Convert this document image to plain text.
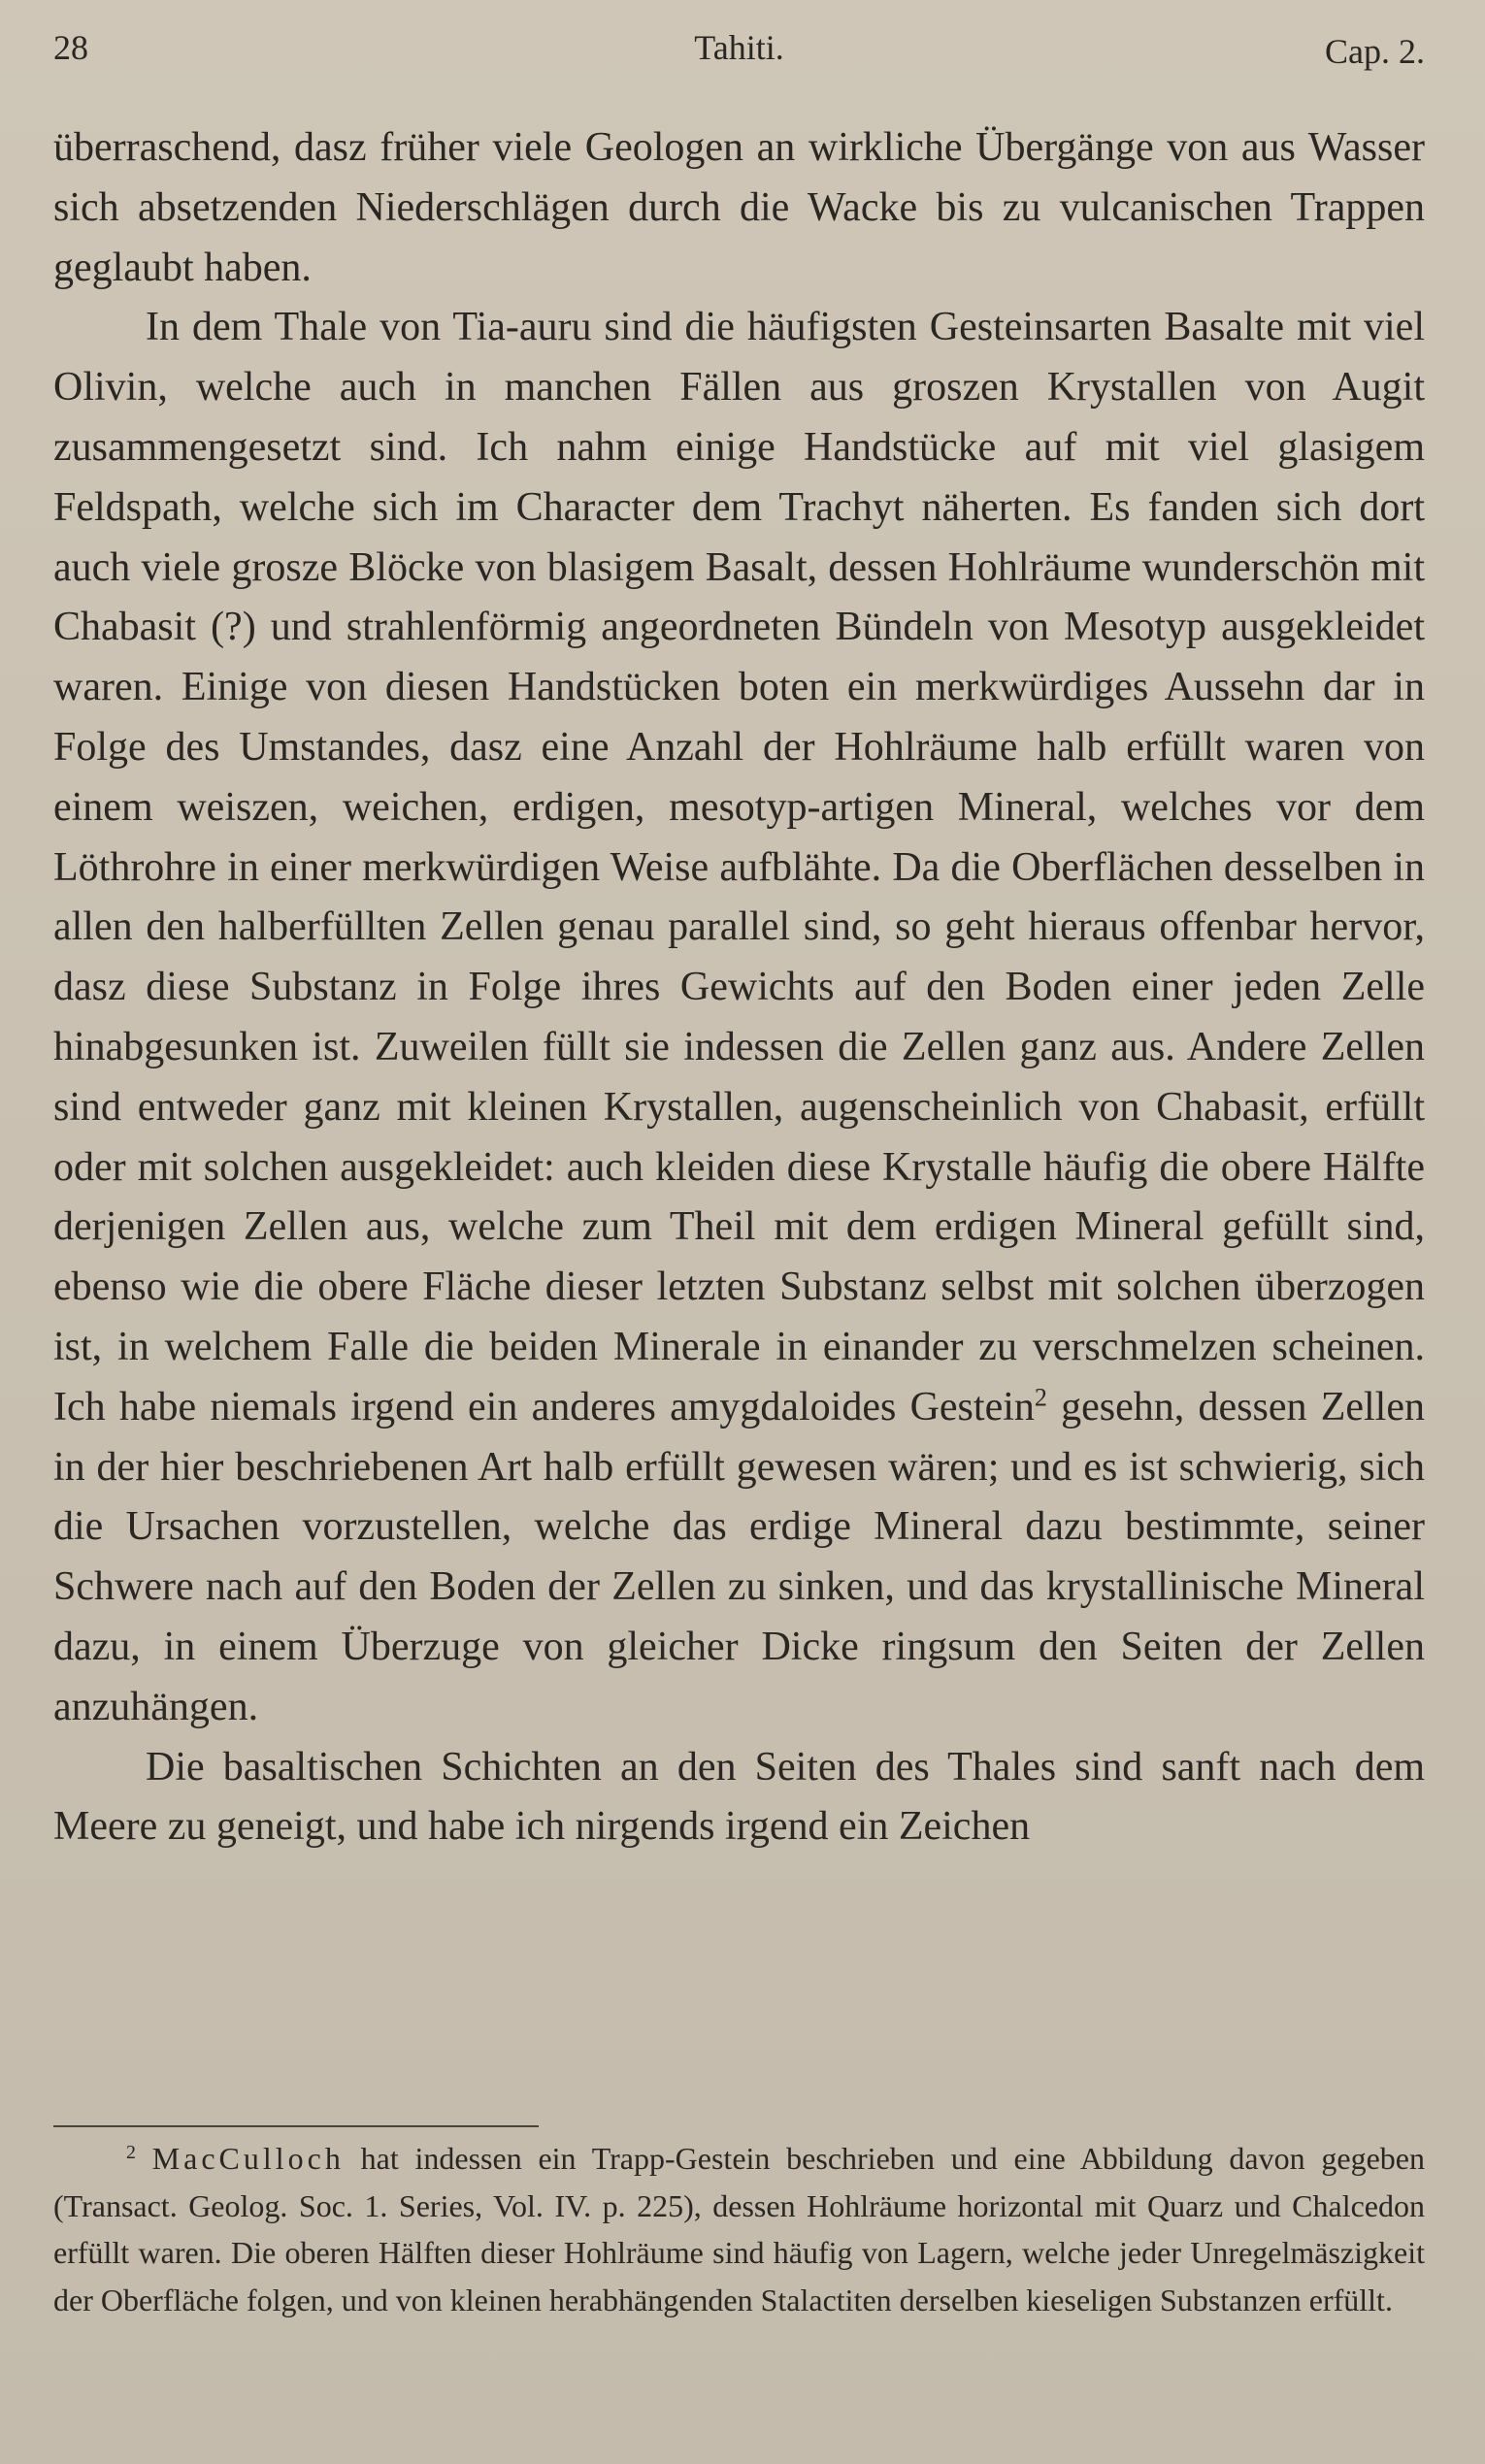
28	Tahiti.	Cap. 2.

überraschend, dasz früher viele Geologen an wirkliche Übergänge von aus Wasser sich absetzenden Niederschlägen durch die Wacke bis zu vulcanischen Trappen geglaubt haben.

In dem Thale von Tia-auru sind die häufigsten Gesteinsarten Basalte mit viel Olivin, welche auch in manchen Fällen aus groszen Krystallen von Augit zusammengesetzt sind. Ich nahm einige Handstücke auf mit viel glasigem Feldspath, welche sich im Character dem Trachyt näherten. Es fanden sich dort auch viele grosze Blöcke von blasigem Basalt, dessen Hohlräume wunderschön mit Chabasit (?) und strahlenförmig angeordneten Bündeln von Mesotyp ausgekleidet waren. Einige von diesen Handstücken boten ein merkwürdiges Aussehn dar in Folge des Umstandes, dasz eine Anzahl der Hohlräume halb erfüllt waren von einem weiszen, weichen, erdigen, mesotyp-artigen Mineral, welches vor dem Löthrohre in einer merkwürdigen Weise aufblähte. Da die Oberflächen desselben in allen den halberfüllten Zellen genau parallel sind, so geht hieraus offenbar hervor, dasz diese Substanz in Folge ihres Gewichts auf den Boden einer jeden Zelle hinabgesunken ist. Zuweilen füllt sie indessen die Zellen ganz aus. Andere Zellen sind entweder ganz mit kleinen Krystallen, augenscheinlich von Chabasit, erfüllt oder mit solchen ausgekleidet: auch kleiden diese Krystalle häufig die obere Hälfte derjenigen Zellen aus, welche zum Theil mit dem erdigen Mineral gefüllt sind, ebenso wie die obere Fläche dieser letzten Substanz selbst mit solchen überzogen ist, in welchem Falle die beiden Minerale in einander zu verschmelzen scheinen. Ich habe niemals irgend ein anderes amygdaloides Gestein$^2$ gesehn, dessen Zellen in der hier beschriebenen Art halb erfüllt gewesen wären; und es ist schwierig, sich die Ursachen vorzustellen, welche das erdige Mineral dazu bestimmte, seiner Schwere nach auf den Boden der Zellen zu sinken, und das krystallinische Mineral dazu, in einem Überzuge von gleicher Dicke ringsum den Seiten der Zellen anzuhängen.

Die basaltischen Schichten an den Seiten des Thales sind sanft nach dem Meere zu geneigt, und habe ich nirgends irgend ein Zeichen

$^2$ MacCulloch hat indessen ein Trapp-Gestein beschrieben und eine Abbildung davon gegeben (Transact. Geolog. Soc. 1. Series, Vol. IV. p. 225), dessen Hohlräume horizontal mit Quarz und Chalcedon erfüllt waren. Die oberen Hälften dieser Hohlräume sind häufig von Lagern, welche jeder Unregelmäszigkeit der Oberfläche folgen, und von kleinen herabhängenden Stalactiten derselben kieseligen Substanzen erfüllt.
